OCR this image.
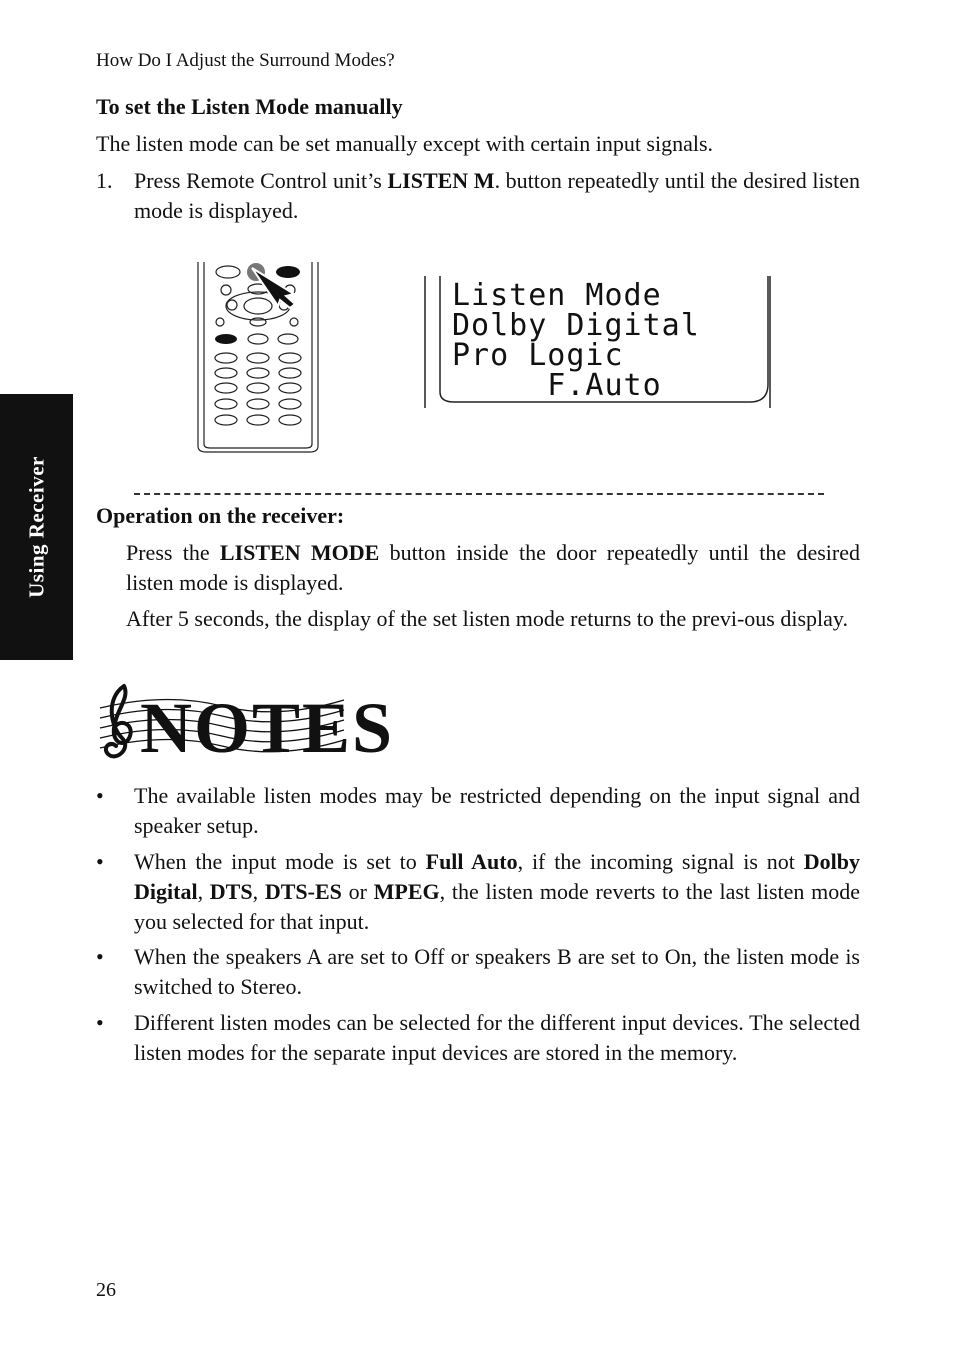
How Do I Adjust the Surround Modes?
To set the Listen Mode manually
The listen mode can be set manually except with certain input signals.
1. Press Remote Control unit’s LISTEN M. button repeatedly until the desired listen mode is displayed.
Using Receiver
Listen Mode
Dolby Digital
Pro Logic
F.Auto
Operation on the receiver:
Press the LISTEN MODE button inside the door repeatedly until the desired listen mode is displayed.
After 5 seconds, the display of the set listen mode returns to the previ-ous display.
NOTES
• The available listen modes may be restricted depending on the input signal and speaker setup.
• When the input mode is set to Full Auto, if the incoming signal is not Dolby Digital, DTS, DTS-ES or MPEG, the listen mode reverts to the last listen mode you selected for that input.
• When the speakers A are set to Off or speakers B are set to On, the listen mode is switched to Stereo.
• Different listen modes can be selected for the different input devices. The selected listen modes for the separate input devices are stored in the memory.
26
